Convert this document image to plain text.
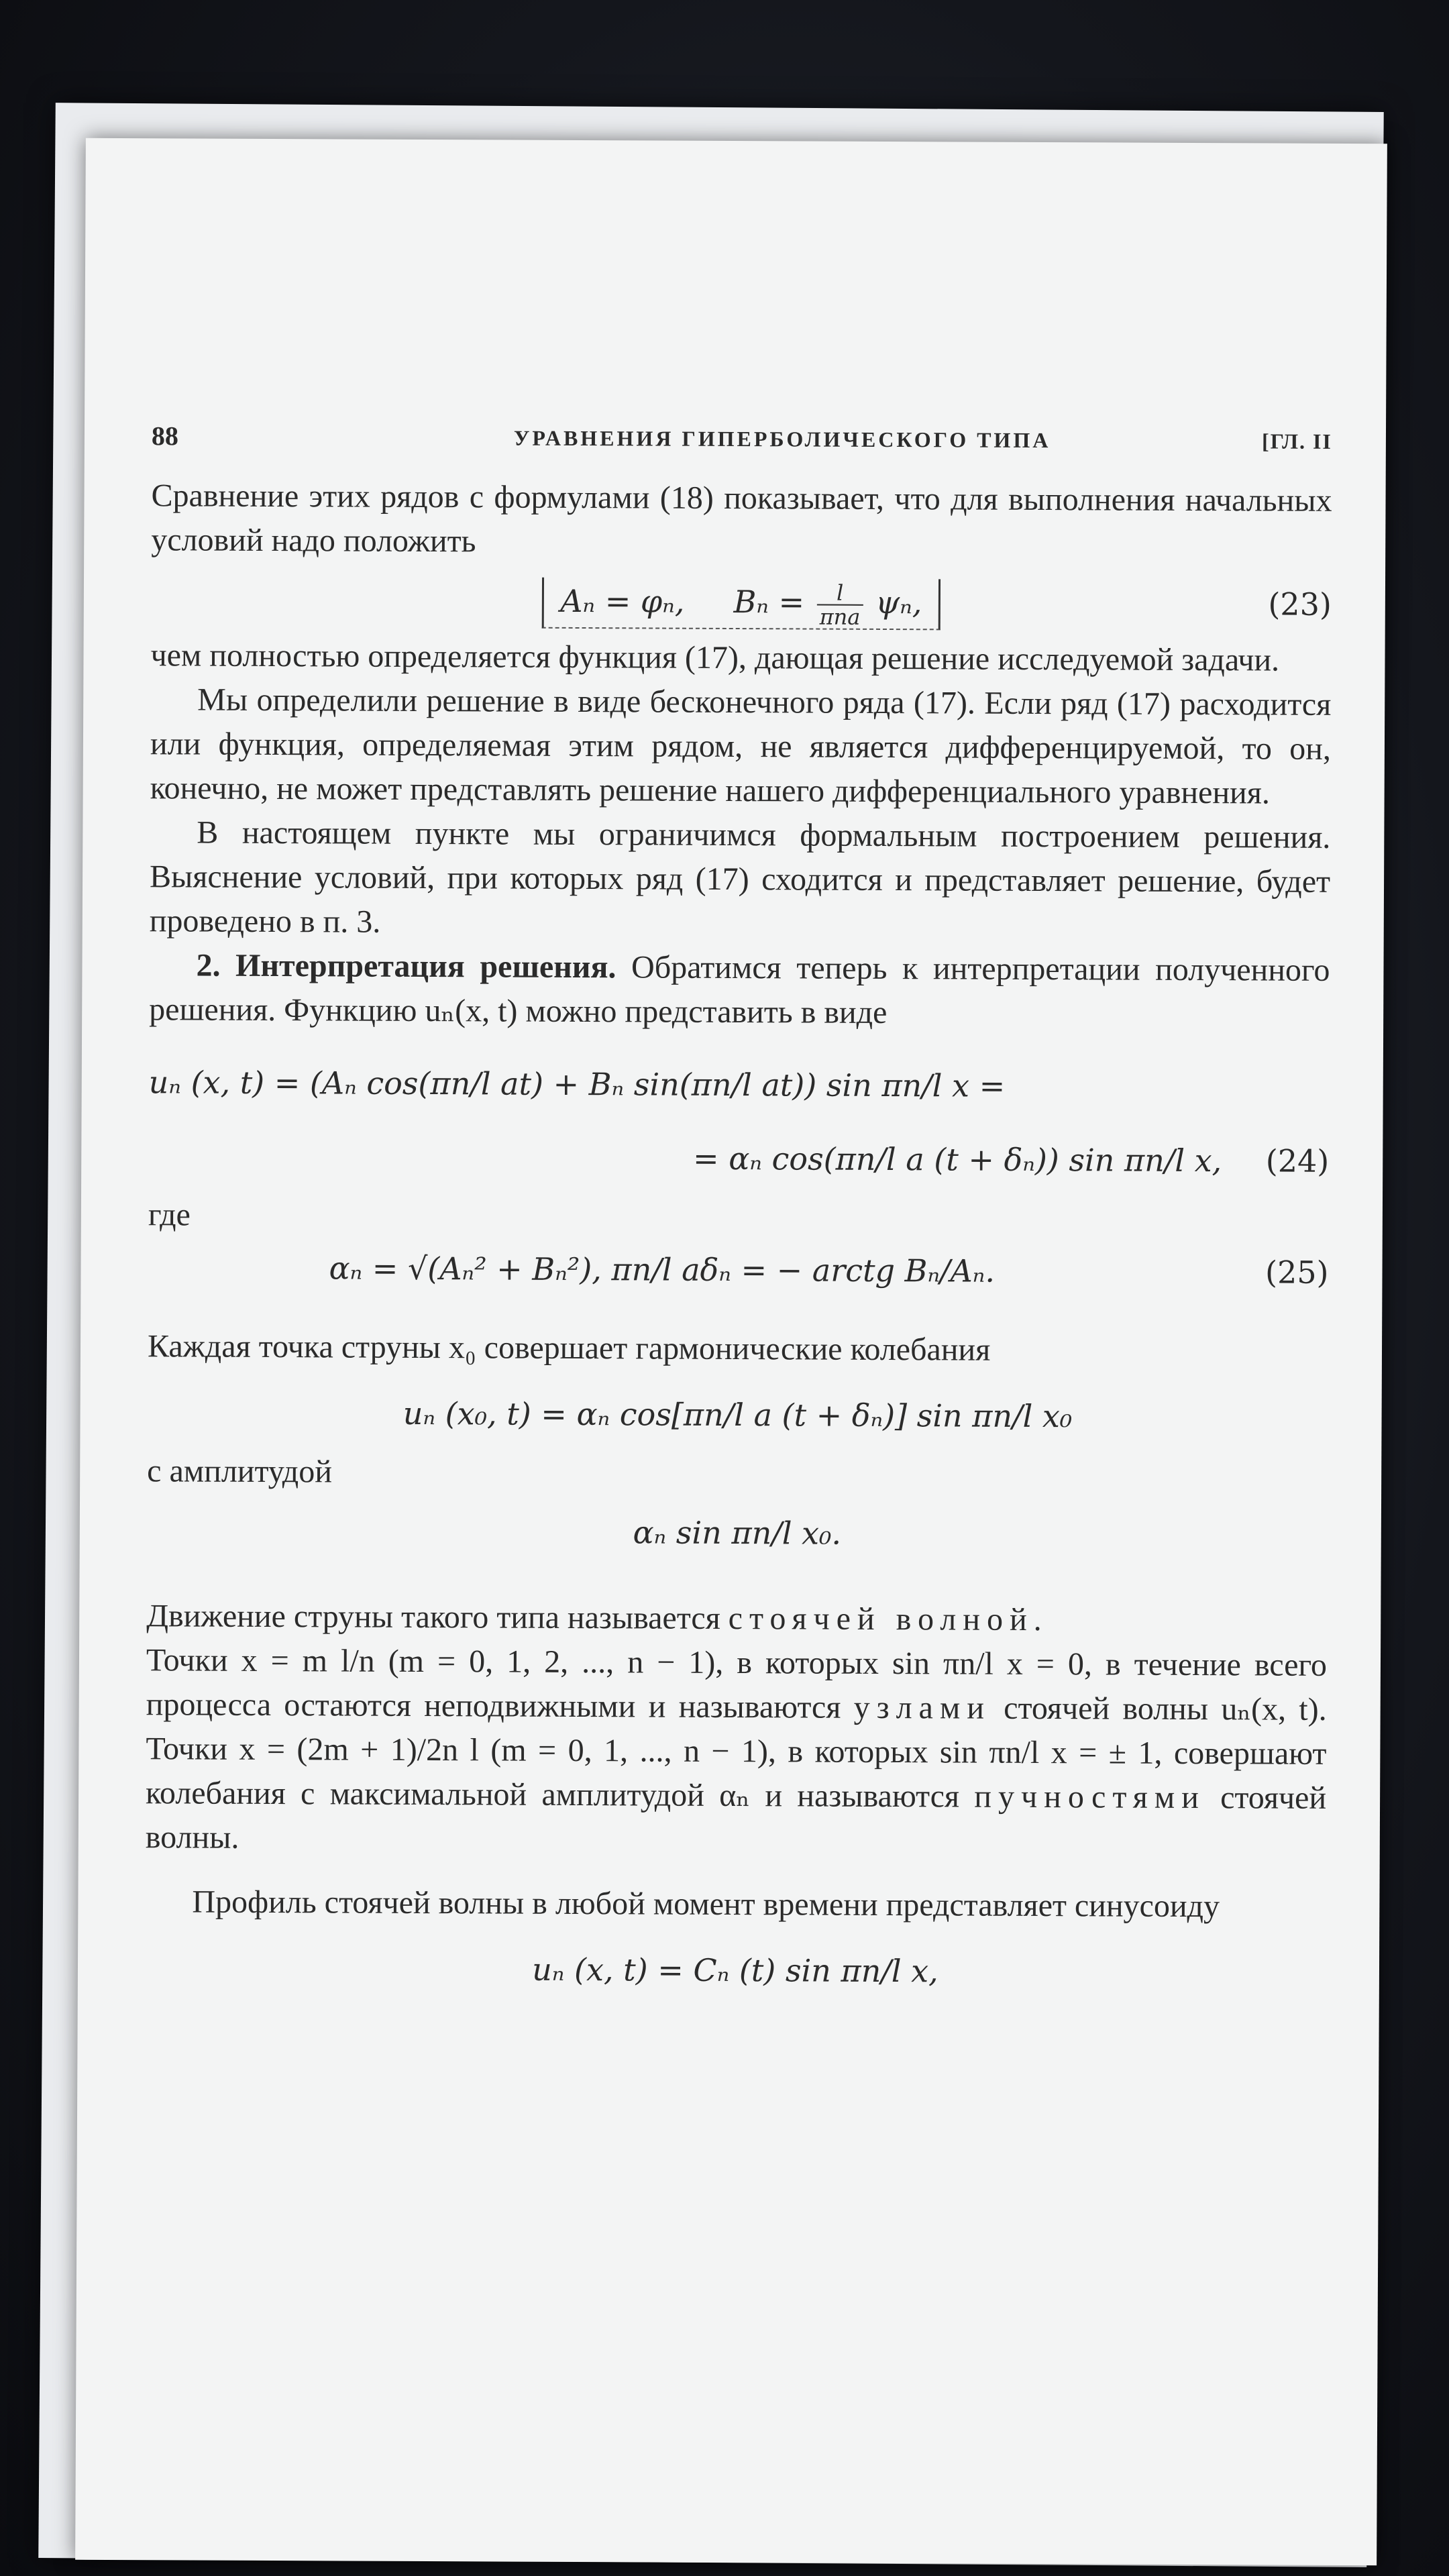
88	УРАВНЕНИЯ ГИПЕРБОЛИЧЕСКОГО ТИПА	[ГЛ. II

Сравнение этих рядов с формулами (18) показывает, что для выполнения начальных условий надо положить

Aₙ = φₙ, $B_n = \frac{l}{\text{πna}} \psi_n$,	(23)

чем полностью определяется функция (17), дающая решение исследуемой задачи.

Мы определили решение в виде бесконечного ряда (17). Если ряд (17) расходится или функция, определяемая этим рядом, не является дифференцируемой, то он, конечно, не может представлять решение нашего дифференциального уравнения.

В настоящем пункте мы ограничимся формальным построением решения. Выяснение условий, при которых ряд (17) сходится и представляет решение, будет проведено в п. 3.

2. Интерпретация решения. Обратимся теперь к интерпретации полученного решения. Функцию uₙ(x, t) можно представить в виде

uₙ (x, t) = (Aₙ cos(πn/l at) + Bₙ sin(πn/l at)) sin πn/l x =
= αₙ cos(πn/l a (t + δₙ)) sin πn/l x, (24)

где

αₙ = √(Aₙ² + Bₙ²), πn/l aδₙ = − arctg Bₙ/Aₙ.	(25)

Каждая точка струны x₀ совершает гармонические колебания

uₙ (x₀, t) = αₙ cos[πn/l a (t + δₙ)] sin πn/l x₀

с амплитудой

αₙ sin πn/l x₀.

Движение струны такого типа называется стоячей волной.

Точки x = m l/n (m = 0, 1, 2, ..., n − 1), в которых sin πn/l x = 0, в течение всего процесса остаются неподвижными и называются узлами стоячей волны uₙ(x, t). Точки x = (2m + 1)/2n l (m = 0, 1, ..., n − 1), в которых sin πn/l x = ± 1, совершают колебания с максимальной амплитудой αₙ и называются пучностями стоячей волны.

Профиль стоячей волны в любой момент времени представляет синусоиду

uₙ (x, t) = Cₙ (t) sin πn/l x,
